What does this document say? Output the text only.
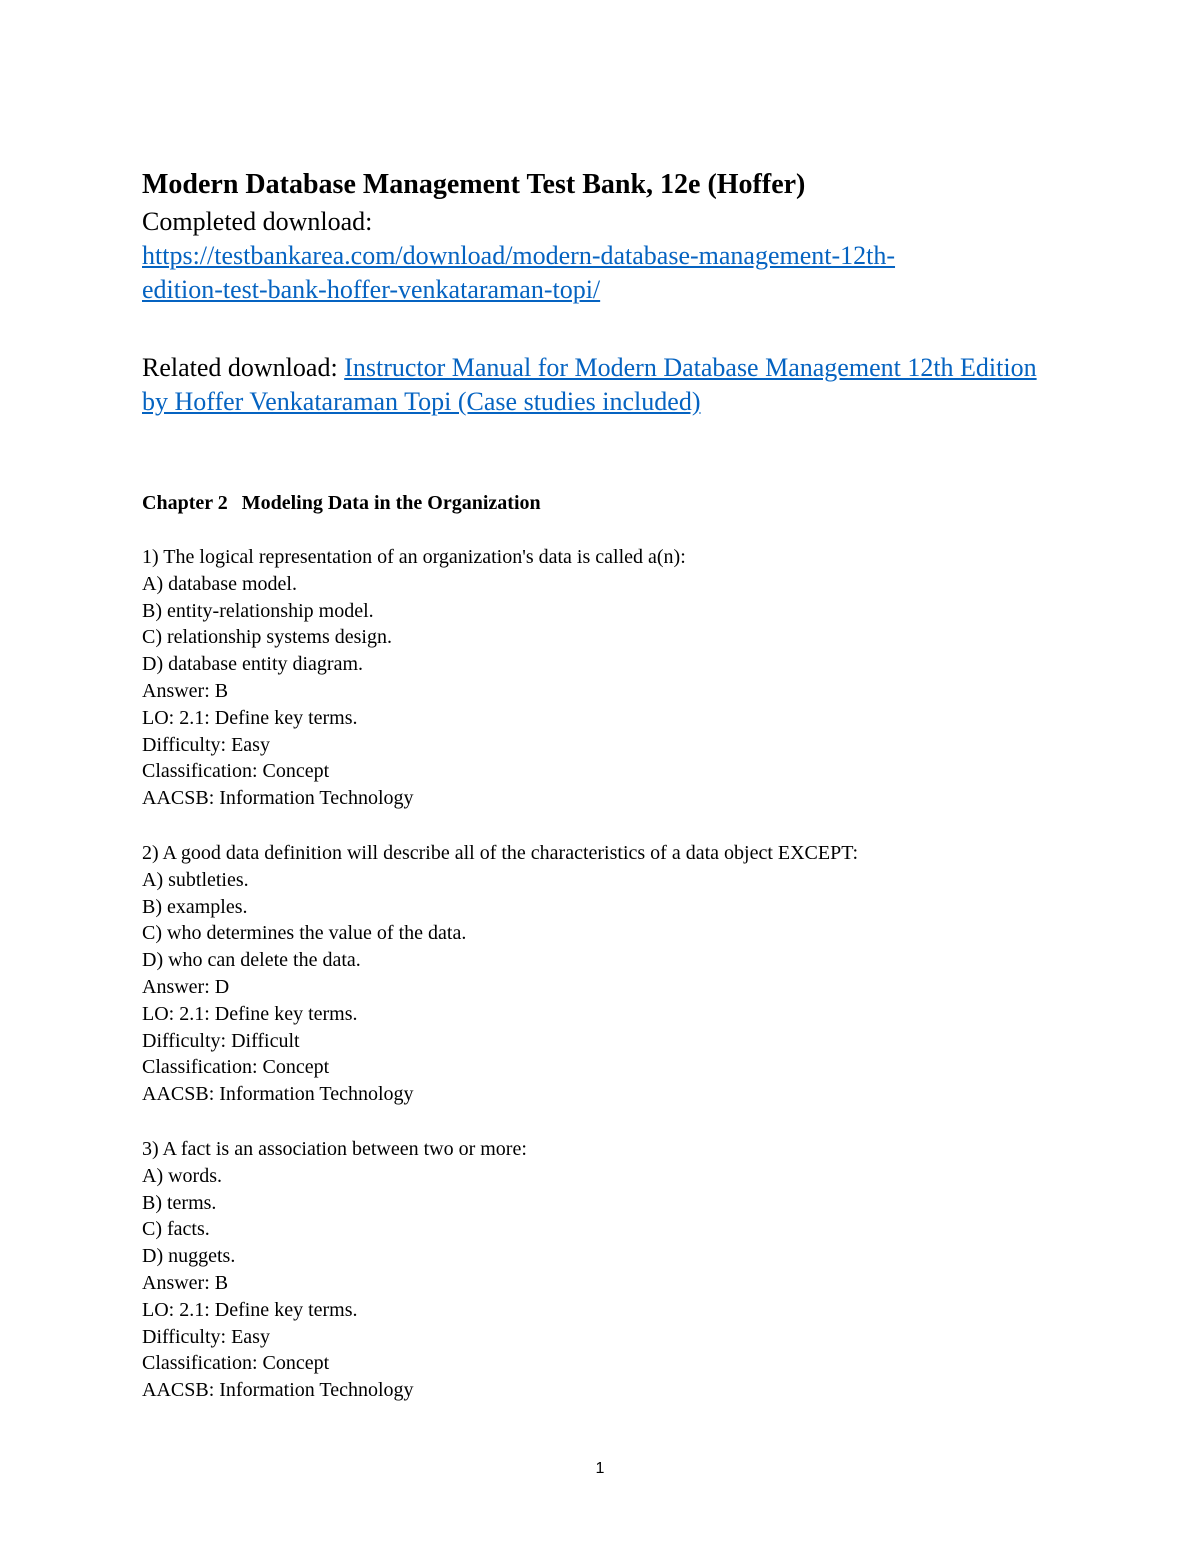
Modern Database Management Test Bank, 12e (Hoffer)

Completed download:

https://testbankarea.com/download/modern-database-management-12th-
edition-test-bank-hoffer-venkataraman-topi/

Related download: Instructor Manual for Modern Database Management 12th Edition by Hoffer Venkataraman Topi (Case studies included)

Chapter 2 Modeling Data in the Organization
1) The logical representation of an organization's data is called a(n):
A) database model.
B) entity-relationship model.
C) relationship systems design.
D) database entity diagram.
Answer: B
LO: 2.1: Define key terms.
Difficulty: Easy
Classification: Concept
AACSB: Information Technology
2) A good data definition will describe all of the characteristics of a data object EXCEPT:
A) subtleties.
B) examples.
C) who determines the value of the data.
D) who can delete the data.
Answer: D
LO: 2.1: Define key terms.
Difficulty: Difficult
Classification: Concept
AACSB: Information Technology
3) A fact is an association between two or more:
A) words.
B) terms.
C) facts.
D) nuggets.
Answer: B
LO: 2.1: Define key terms.
Difficulty: Easy
Classification: Concept
AACSB: Information Technology
1
